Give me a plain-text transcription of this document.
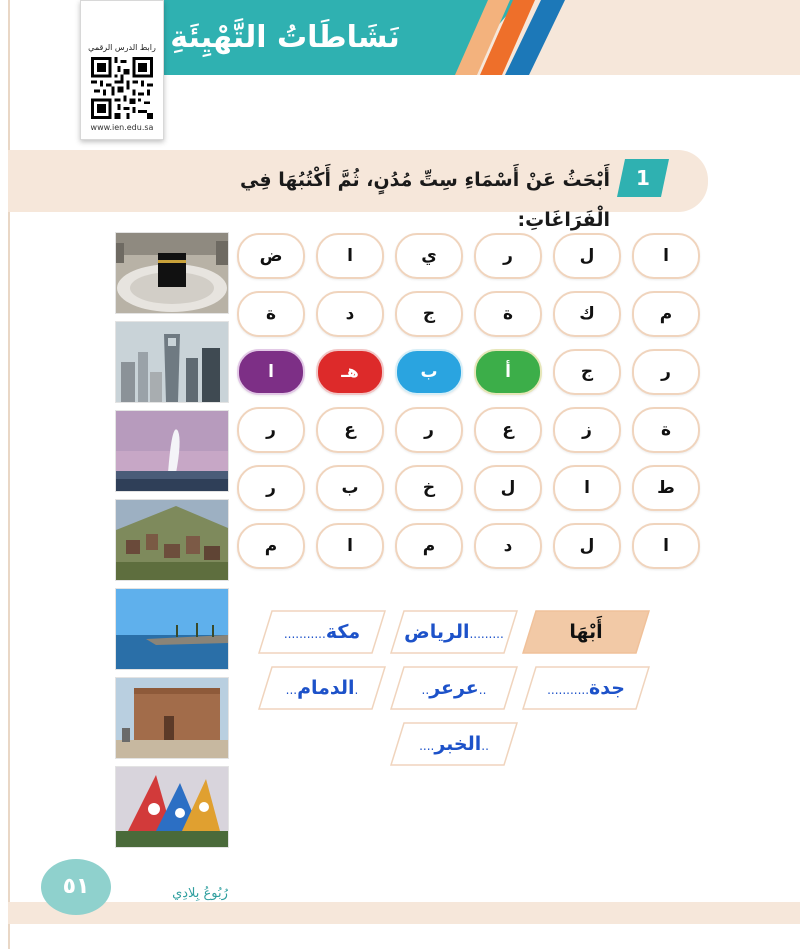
نَشَاطَاتُ التَّهْيِئَةِ
رابط الدرس الرقمي
www.ien.edu.sa
1
أَبْحَثُ عَنْ أَسْمَاءِ سِتِّ مُدُنٍ، ثُمَّ أَكْتُبُهَا فِي الْفَرَاغَاتِ:
ا
ل
ر
ي
ا
ض
م
ك
ة
ج
د
ة
ر
ج
أ
ب
هـ
ا
ة
ز
ع
ر
ع
ر
ط
ا
ل
خ
ب
ر
ا
ل
د
م
ا
م
أَبْهَا
.........الرياض
مكة...........
جدة...........
..عرعر..
.الدمام...
..الخبر....
٥١	رُبُوعُ بِلادِي
